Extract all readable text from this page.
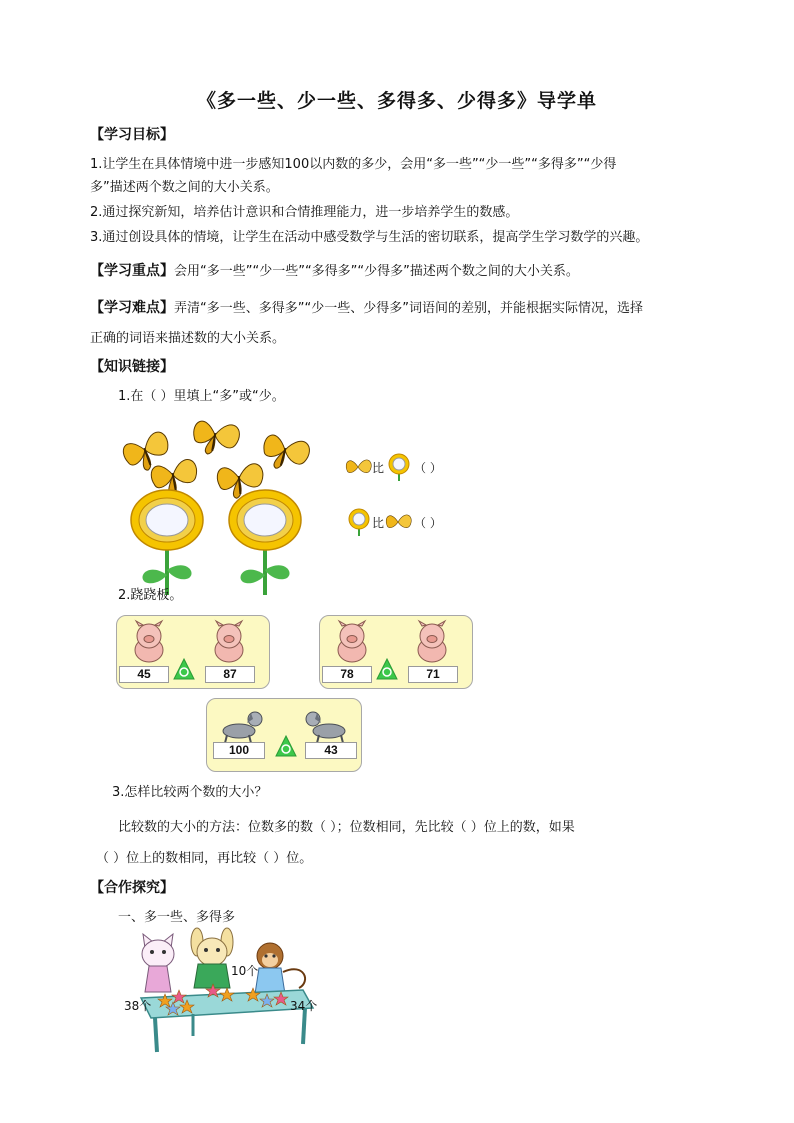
《多一些、少一些、多得多、少得多》导学单
【学习目标】
1.让学生在具体情境中进一步感知100以内数的多少，会用“多一些”“少一些”“多得多”“少得
多”描述两个数之间的大小关系。
2.通过探究新知，培养估计意识和合情推理能力，进一步培养学生的数感。
3.通过创设具体的情境，让学生在活动中感受数学与生活的密切联系，提高学生学习数学的兴趣。
【学习重点】会用“多一些”“少一些”“多得多”“少得多”描述两个数之间的大小关系。
【学习难点】弄清“多一些、多得多”“少一些、少得多”词语间的差别，并能根据实际情况，选择
正确的词语来描述数的大小关系。
【知识链接】
1.在（ ）里填上“多”或“少。
比 （ ）
比 （ ）
2.跷跷板。
45	87	78	71
100	43
3.怎样比较两个数的大小？
比较数的大小的方法：位数多的数（ ）；位数相同，先比较（ ）位上的数，如果
（ ）位上的数相同，再比较（ ）位。
【合作探究】
一、多一些、多得多
38个
10个
34个
